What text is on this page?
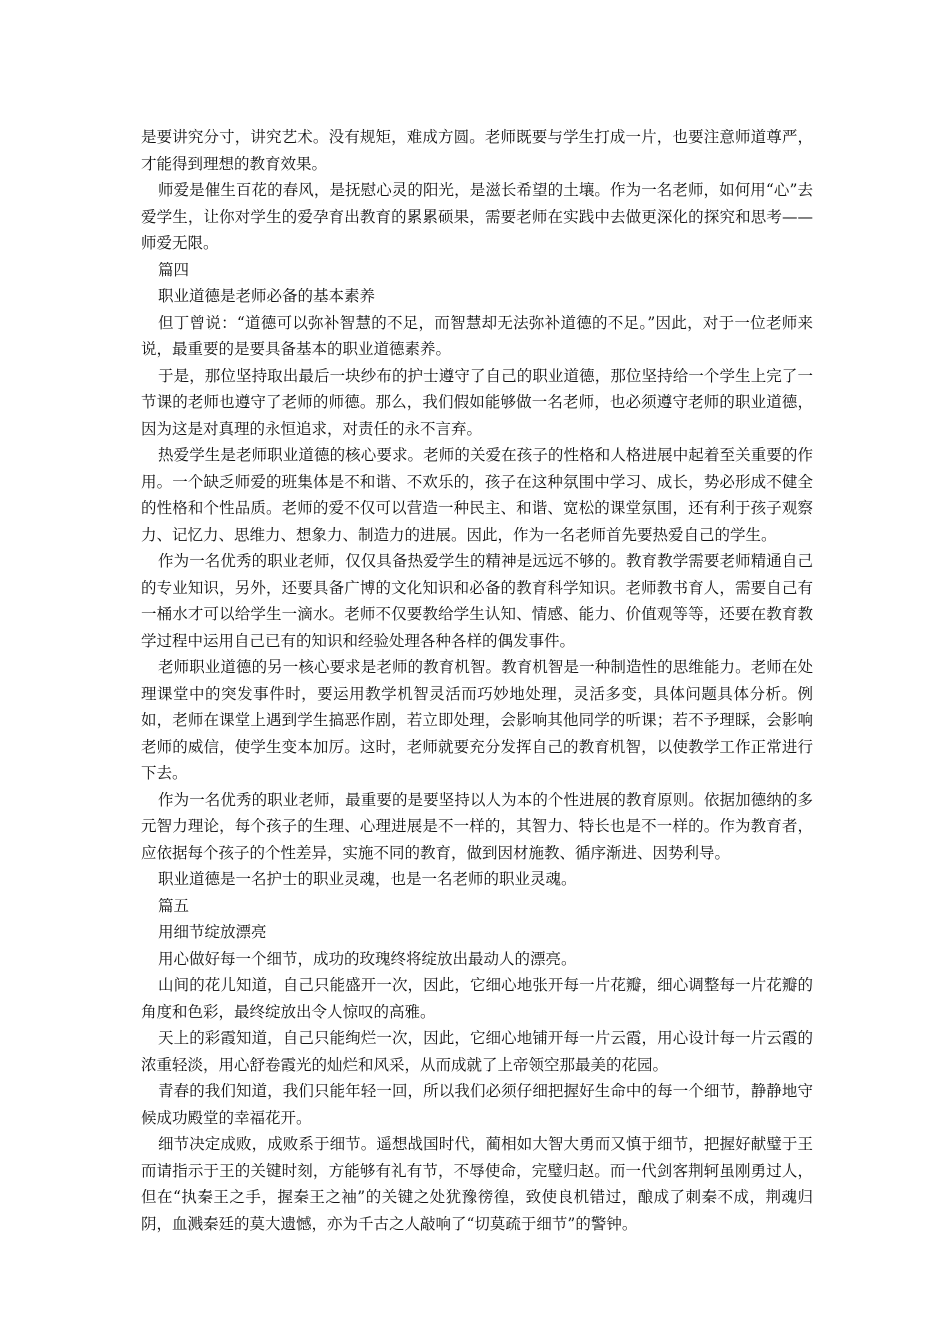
是要讲究分寸，讲究艺术。没有规矩，难成方圆。老师既要与学生打成一片，也要注意师道尊严，才能得到理想的教育效果。

师爱是催生百花的春风，是抚慰心灵的阳光，是滋长希望的土壤。作为一名老师，如何用“心”去爱学生，让你对学生的爱孕育出教育的累累硕果，需要老师在实践中去做更深化的探究和思考——师爱无限。

篇四

职业道德是老师必备的基本素养

但丁曾说：“道德可以弥补智慧的不足，而智慧却无法弥补道德的不足。”因此，对于一位老师来说，最重要的是要具备基本的职业道德素养。

于是，那位坚持取出最后一块纱布的护士遵守了自己的职业道德，那位坚持给一个学生上完了一节课的老师也遵守了老师的师德。那么，我们假如能够做一名老师，也必须遵守老师的职业道德，因为这是对真理的永恒追求，对责任的永不言弃。

热爱学生是老师职业道德的核心要求。老师的关爱在孩子的性格和人格进展中起着至关重要的作用。一个缺乏师爱的班集体是不和谐、不欢乐的，孩子在这种氛围中学习、成长，势必形成不健全的性格和个性品质。老师的爱不仅可以营造一种民主、和谐、宽松的课堂氛围，还有利于孩子观察力、记忆力、思维力、想象力、制造力的进展。因此，作为一名老师首先要热爱自己的学生。

作为一名优秀的职业老师，仅仅具备热爱学生的精神是远远不够的。教育教学需要老师精通自己的专业知识，另外，还要具备广博的文化知识和必备的教育科学知识。老师教书育人，需要自己有一桶水才可以给学生一滴水。老师不仅要教给学生认知、情感、能力、价值观等等，还要在教育教学过程中运用自己已有的知识和经验处理各种各样的偶发事件。

老师职业道德的另一核心要求是老师的教育机智。教育机智是一种制造性的思维能力。老师在处理课堂中的突发事件时，要运用教学机智灵活而巧妙地处理，灵活多变，具体问题具体分析。例如，老师在课堂上遇到学生搞恶作剧，若立即处理，会影响其他同学的听课；若不予理睬，会影响老师的威信，使学生变本加厉。这时，老师就要充分发挥自己的教育机智，以使教学工作正常进行下去。

作为一名优秀的职业老师，最重要的是要坚持以人为本的个性进展的教育原则。依据加德纳的多元智力理论，每个孩子的生理、心理进展是不一样的，其智力、特长也是不一样的。作为教育者，应依据每个孩子的个性差异，实施不同的教育，做到因材施教、循序渐进、因势利导。

职业道德是一名护士的职业灵魂，也是一名老师的职业灵魂。

篇五

用细节绽放漂亮

用心做好每一个细节，成功的玫瑰终将绽放出最动人的漂亮。

山间的花儿知道，自己只能盛开一次，因此，它细心地张开每一片花瓣，细心调整每一片花瓣的角度和色彩，最终绽放出令人惊叹的高雅。

天上的彩霞知道，自己只能绚烂一次，因此，它细心地铺开每一片云霞，用心设计每一片云霞的浓重轻淡，用心舒卷霞光的灿烂和风采，从而成就了上帝领空那最美的花园。

青春的我们知道，我们只能年轻一回，所以我们必须仔细把握好生命中的每一个细节，静静地守候成功殿堂的幸福花开。

细节决定成败，成败系于细节。遥想战国时代，蔺相如大智大勇而又慎于细节，把握好献璧于王而请指示于王的关键时刻，方能够有礼有节，不辱使命，完璧归赵。而一代剑客荆轲虽刚勇过人，但在“执秦王之手，握秦王之袖”的关键之处犹豫徬徨，致使良机错过，酿成了刺秦不成，荆魂归阴，血溅秦廷的莫大遗憾，亦为千古之人敲响了“切莫疏于细节”的警钟。
